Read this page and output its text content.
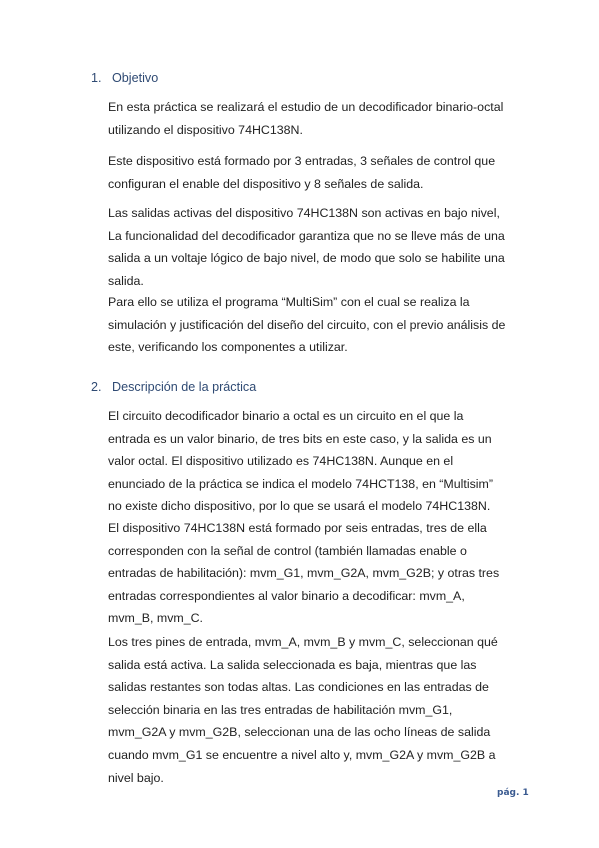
1. Objetivo

En esta práctica se realizará el estudio de un decodificador binario-octal utilizando el dispositivo 74HC138N.

Este dispositivo está formado por 3 entradas, 3 señales de control que configuran el enable del dispositivo y 8 señales de salida.

Las salidas activas del dispositivo 74HC138N son activas en bajo nivel, La funcionalidad del decodificador garantiza que no se lleve más de una salida a un voltaje lógico de bajo nivel, de modo que solo se habilite una salida.

Para ello se utiliza el programa “MultiSim” con el cual se realiza la simulación y justificación del diseño del circuito, con el previo análisis de este, verificando los componentes a utilizar.

2. Descripción de la práctica

El circuito decodificador binario a octal es un circuito en el que la entrada es un valor binario, de tres bits en este caso, y la salida es un valor octal. El dispositivo utilizado es 74HC138N. Aunque en el enunciado de la práctica se indica el modelo 74HCT138, en “Multisim” no existe dicho dispositivo, por lo que se usará el modelo 74HC138N.

El dispositivo 74HC138N está formado por seis entradas, tres de ella corresponden con la señal de control (también llamadas enable o entradas de habilitación): mvm_G1, mvm_G2A, mvm_G2B; y otras tres entradas correspondientes al valor binario a decodificar: mvm_A, mvm_B, mvm_C.

Los tres pines de entrada, mvm_A, mvm_B y mvm_C, seleccionan qué salida está activa. La salida seleccionada es baja, mientras que las salidas restantes son todas altas. Las condiciones en las entradas de selección binaria en las tres entradas de habilitación mvm_G1, mvm_G2A y mvm_G2B, seleccionan una de las ocho líneas de salida cuando mvm_G1 se encuentre a nivel alto y, mvm_G2A y mvm_G2B a nivel bajo.

pág. 1
